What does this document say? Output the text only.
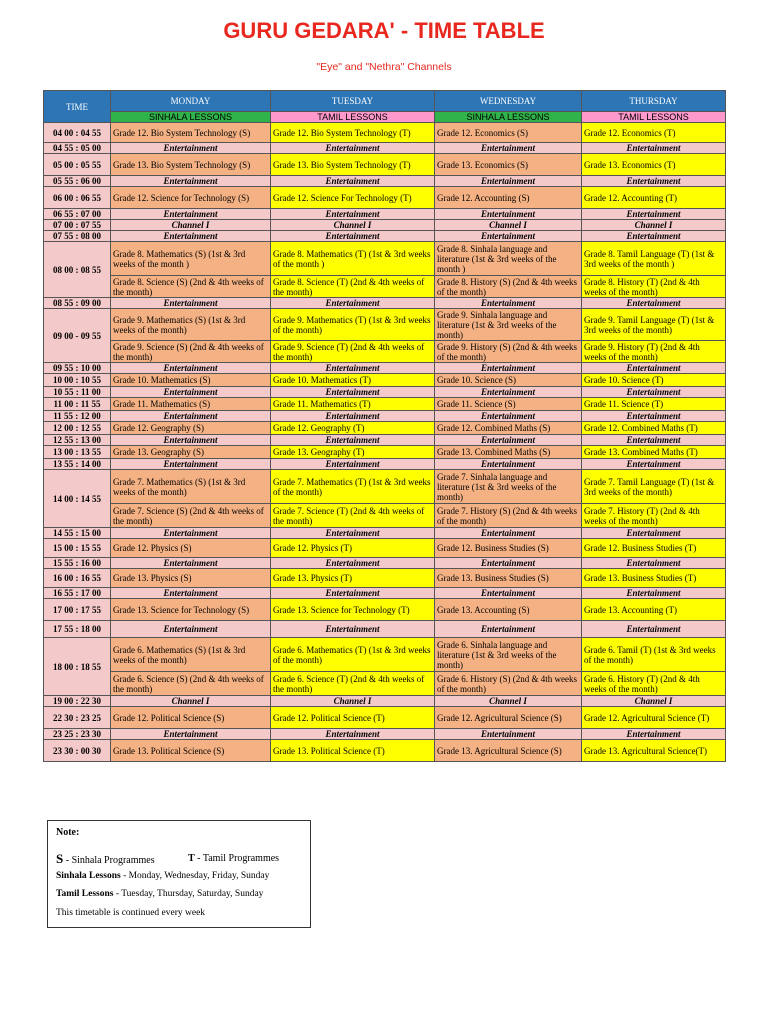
GURU GEDARA' - TIME TABLE
"Eye" and "Nethra" Channels
TIME	MONDAY	TUESDAY	WEDNESDAY	THURSDAY
	SINHALA LESSONS	TAMIL LESSONS	SINHALA LESSONS	TAMIL LESSONS
04 00 : 04 55	Grade 12. Bio System Technology (S)	Grade 12. Bio System Technology (T)	Grade 12. Economics (S)	Grade 12. Economics (T)
04 55 : 05 00	Entertainment	Entertainment	Entertainment	Entertainment
05 00 : 05 55	Grade 13. Bio System Technology (S)	Grade 13. Bio System Technology (T)	Grade 13. Economics (S)	Grade 13. Economics (T)
05 55 : 06 00	Entertainment	Entertainment	Entertainment	Entertainment
06 00 : 06 55	Grade 12. Science for Technology (S)	Grade 12. Science For Technology (T)	Grade 12. Accounting (S)	Grade 12. Accounting (T)
06 55 : 07 00	Entertainment	Entertainment	Entertainment	Entertainment
07 00 : 07 55	Channel I	Channel I	Channel I	Channel I
07 55 : 08 00	Entertainment	Entertainment	Entertainment	Entertainment
08 00 : 08 55	Grade 8. Mathematics (S) (1st & 3rd weeks of the month )	Grade 8. Mathematics (T) (1st & 3rd weeks of the month )	Grade 8. Sinhala language and literature (1st & 3rd weeks of the month )	Grade 8. Tamil Language (T) (1st & 3rd weeks of the month )
	Grade 8. Science (S) (2nd & 4th weeks of the month)	Grade 8. Science (T) (2nd & 4th weeks of the month)	Grade 8. History (S) (2nd & 4th weeks of the month)	Grade 8. History (T) (2nd & 4th weeks of the month)
08 55 : 09 00	Entertainment	Entertainment	Entertainment	Entertainment
09 00 - 09 55	Grade 9. Mathematics (S) (1st & 3rd weeks of the month)	Grade 9. Mathematics (T) (1st & 3rd weeks of the month)	Grade 9. Sinhala language and literature (1st & 3rd weeks of the month)	Grade 9. Tamil Language (T) (1st & 3rd weeks of the month)
	Grade 9. Science (S) (2nd & 4th weeks of the month)	Grade 9. Science (T) (2nd & 4th weeks of the month)	Grade 9. History (S) (2nd & 4th weeks of the month)	Grade 9. History (T) (2nd & 4th weeks of the month)
09 55 : 10 00	Entertainment	Entertainment	Entertainment	Entertainment
10 00 : 10 55	Grade 10. Mathematics (S)	Grade 10. Mathematics (T)	Grade 10. Science (S)	Grade 10. Science (T)
10 55 : 11 00	Entertainment	Entertainment	Entertainment	Entertainment
11 00 : 11 55	Grade 11. Mathematics (S)	Grade 11. Mathematics (T)	Grade 11. Science (S)	Grade 11. Science (T)
11 55 : 12 00	Entertainment	Entertainment	Entertainment	Entertainment
12 00 : 12 55	Grade 12. Geography (S)	Grade 12. Geography (T)	Grade 12. Combined Maths (S)	Grade 12. Combined Maths (T)
12 55 : 13 00	Entertainment	Entertainment	Entertainment	Entertainment
13 00 : 13 55	Grade 13. Geography (S)	Grade 13. Geography (T)	Grade 13. Combined Maths (S)	Grade 13. Combined Maths (T)
13 55 : 14 00	Entertainment	Entertainment	Entertainment	Entertainment
14 00 : 14 55	Grade 7. Mathematics (S) (1st & 3rd weeks of the month)	Grade 7. Mathematics (T) (1st & 3rd weeks of the month)	Grade 7. Sinhala language and literature (1st & 3rd weeks of the month)	Grade 7. Tamil Language (T) (1st & 3rd weeks of the month)
	Grade 7. Science (S) (2nd & 4th weeks of the month)	Grade 7. Science (T) (2nd & 4th weeks of the month)	Grade 7. History (S) (2nd & 4th weeks of the month)	Grade 7. History (T) (2nd & 4th weeks of the month)
14 55 : 15 00	Entertainment	Entertainment	Entertainment	Entertainment
15 00 : 15 55	Grade 12. Physics (S)	Grade 12. Physics (T)	Grade 12. Business Studies (S)	Grade 12. Business Studies (T)
15 55 : 16 00	Entertainment	Entertainment	Entertainment	Entertainment
16 00 : 16 55	Grade 13. Physics (S)	Grade 13. Physics (T)	Grade 13. Business Studies (S)	Grade 13. Business Studies (T)
16 55 : 17 00	Entertainment	Entertainment	Entertainment	Entertainment
17 00 : 17 55	Grade 13. Science for Technology (S)	Grade 13. Science for Technology (T)	Grade 13. Accounting (S)	Grade 13. Accounting (T)
17 55 : 18 00	Entertainment	Entertainment	Entertainment	Entertainment
18 00 : 18 55	Grade 6. Mathematics (S) (1st & 3rd weeks of the month)	Grade 6. Mathematics (T) (1st & 3rd weeks of the month)	Grade 6. Sinhala language and literature (1st & 3rd weeks of the month)	Grade 6. Tamil (T) (1st & 3rd weeks of the month)
	Grade 6. Science (S) (2nd & 4th weeks of the month)	Grade 6. Science (T) (2nd & 4th weeks of the month)	Grade 6. History (S) (2nd & 4th weeks of the month)	Grade 6. History (T) (2nd & 4th weeks of the month)
19 00 : 22 30	Channel I	Channel I	Channel I	Channel I
22 30 : 23 25	Grade 12. Political Science (S)	Grade 12. Political Science (T)	Grade 12. Agricultural Science (S)	Grade 12. Agricultural Science (T)
23 25 : 23 30	Entertainment	Entertainment	Entertainment	Entertainment
23 30 : 00 30	Grade 13. Political Science (S)	Grade 13. Political Science (T)	Grade 13. Agricultural Science (S)	Grade 13. Agricultural Science(T)
Note:
S - Sinhala Programmes	T - Tamil Programmes
Sinhala Lessons - Monday, Wednesday, Friday, Sunday
Tamil Lessons - Tuesday, Thursday, Saturday, Sunday
This timetable is continued every week
